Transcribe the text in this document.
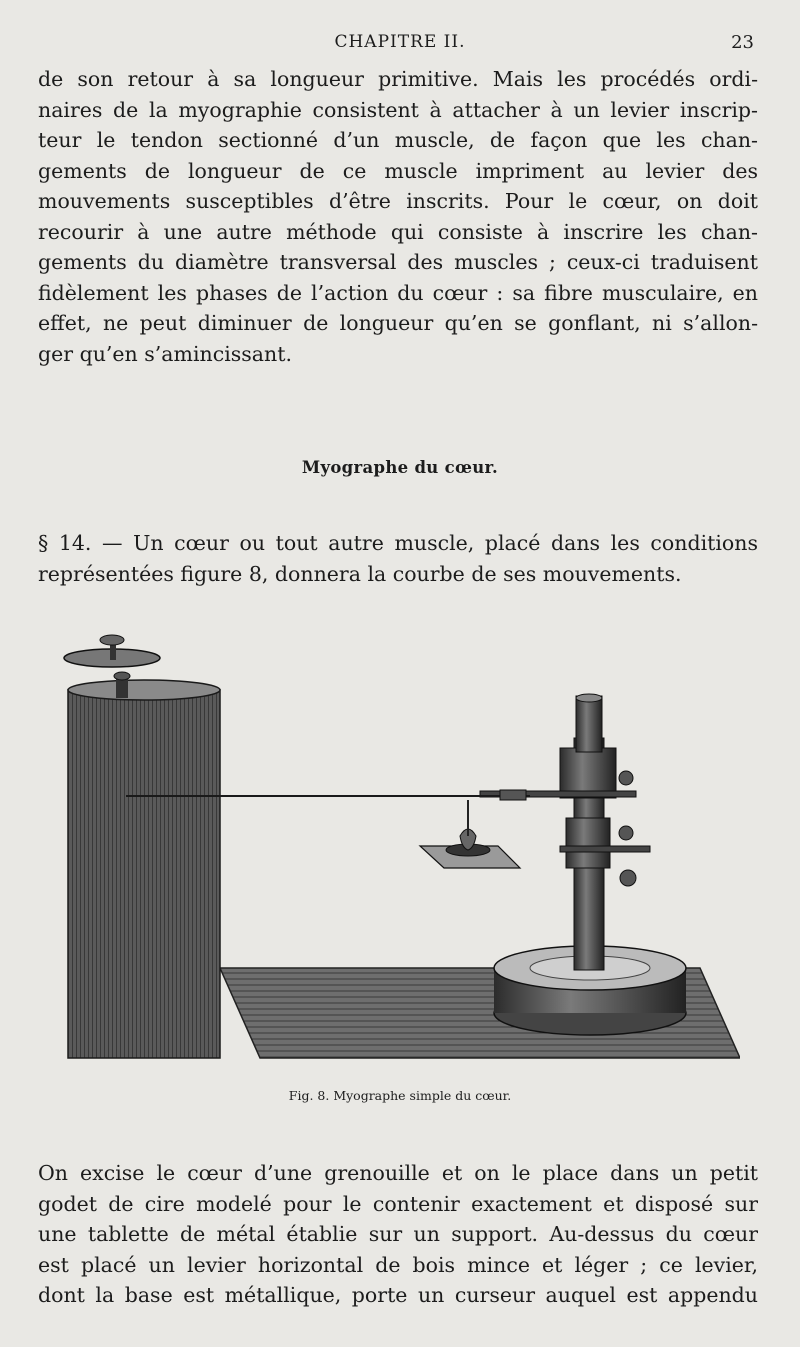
CHAPITRE II.	23
de son retour à sa longueur primitive. Mais les procédés ordi-
naires de la myographie consistent à attacher à un levier inscrip-
teur le tendon sectionné d’un muscle, de façon que les chan-
gements de longueur de ce muscle impriment au levier des
mouvements susceptibles d’être inscrits. Pour le cœur, on doit
recourir à une autre méthode qui consiste à inscrire les chan-
gements du diamètre transversal des muscles ; ceux-ci traduisent
fidèlement les phases de l’action du cœur : sa fibre musculaire, en
effet, ne peut diminuer de longueur qu’en se gonflant, ni s’allon-
ger qu’en s’amincissant.
Myographe du cœur.
§ 14. — Un cœur ou tout autre muscle, placé dans les conditions
représentées figure 8, donnera la courbe de ses mouvements.
Fig. 8. Myographe simple du cœur.
On excise le cœur d’une grenouille et on le place dans un petit
godet de cire modelé pour le contenir exactement et disposé sur
une tablette de métal établie sur un support. Au-dessus du cœur
est placé un levier horizontal de bois mince et léger ; ce levier,
dont la base est métallique, porte un curseur auquel est appendu
